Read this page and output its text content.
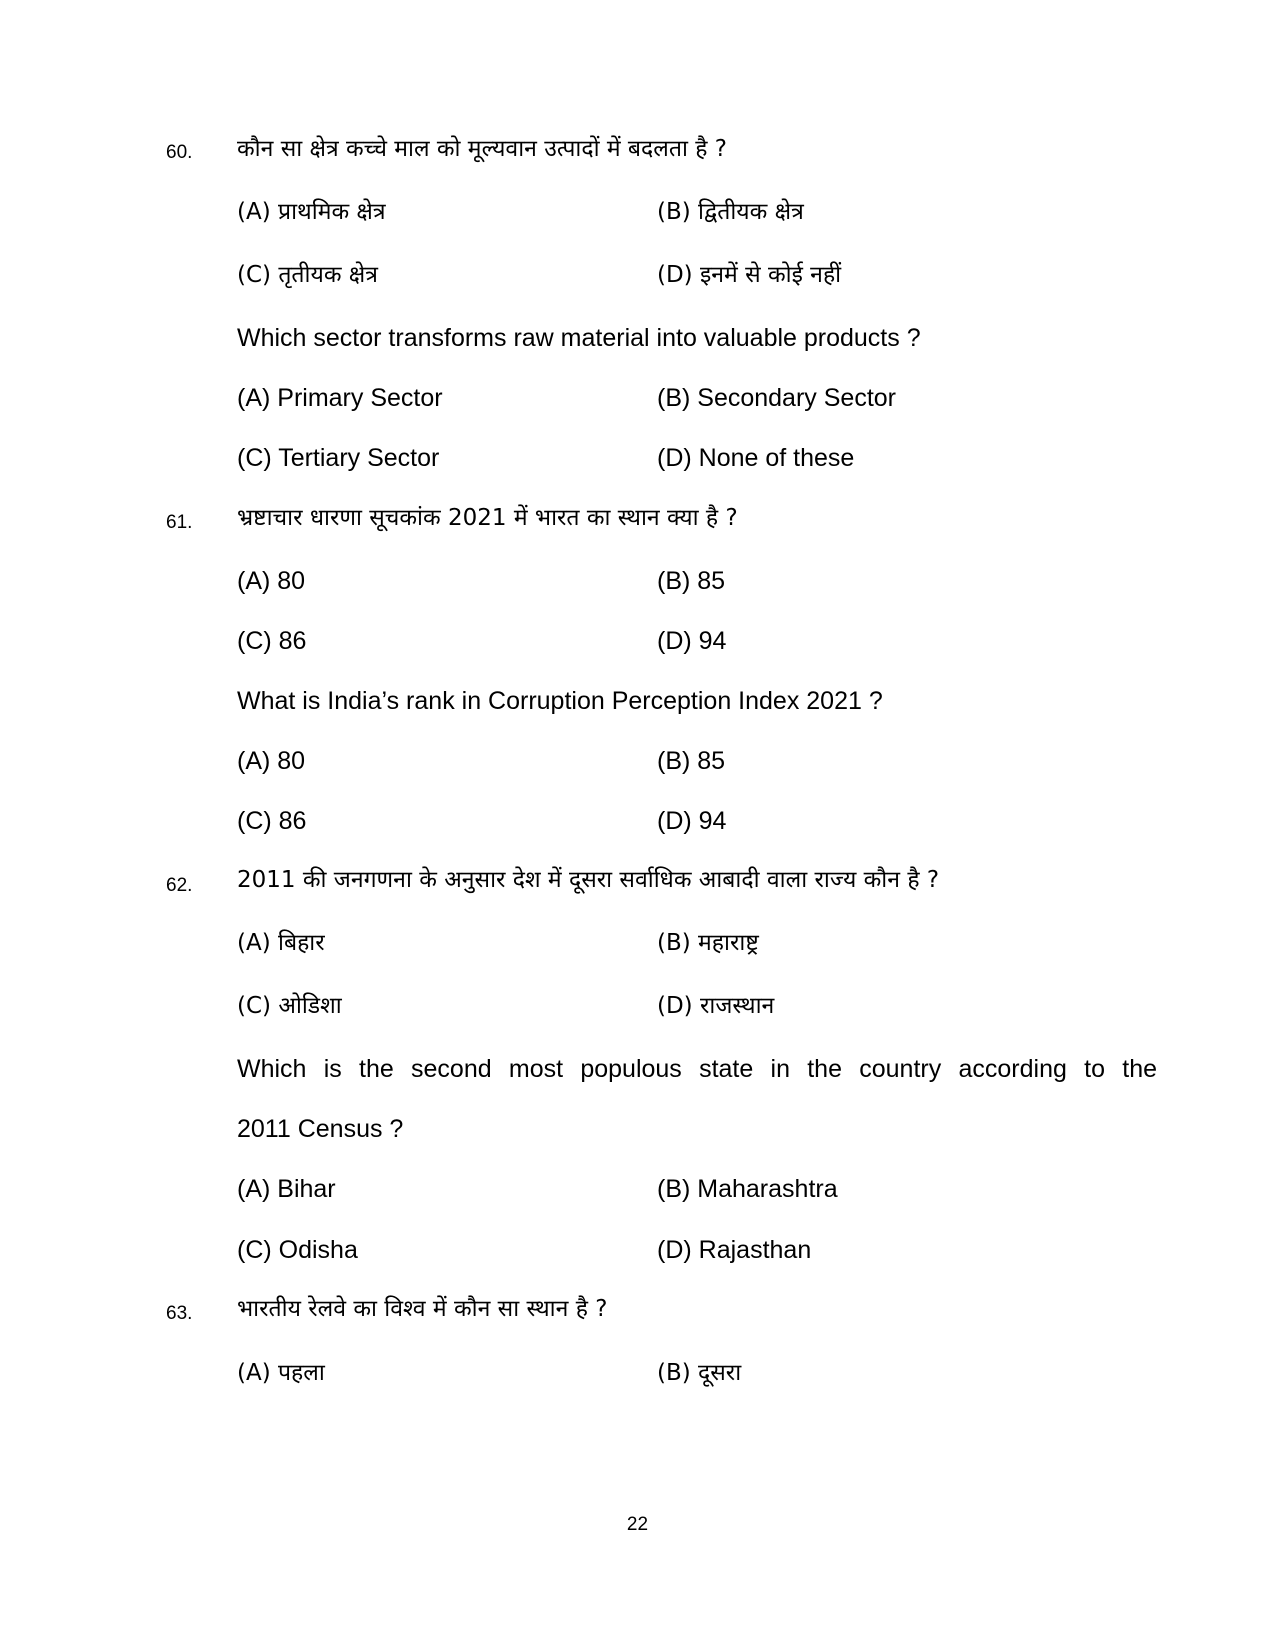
60. कौन सा क्षेत्र कच्चे माल को मूल्यवान उत्पादों में बदलता है ?
(A) प्राथमिक क्षेत्र	(B) द्वितीयक क्षेत्र
(C) तृतीयक क्षेत्र	(D) इनमें से कोई नहीं
Which sector transforms raw material into valuable products ?
(A) Primary Sector	(B) Secondary Sector
(C) Tertiary Sector	(D) None of these
61. भ्रष्टाचार धारणा सूचकांक 2021 में भारत का स्थान क्या है ?
(A) 80	(B) 85
(C) 86	(D) 94
What is India’s rank in Corruption Perception Index 2021 ?
(A) 80	(B) 85
(C) 86	(D) 94
62. 2011 की जनगणना के अनुसार देश में दूसरा सर्वाधिक आबादी वाला राज्य कौन है ?
(A) बिहार	(B) महाराष्ट्र
(C) ओडिशा	(D) राजस्थान
Which is the second most populous state in the country according to the
2011 Census ?
(A) Bihar	(B) Maharashtra
(C) Odisha	(D) Rajasthan
63. भारतीय रेलवे का विश्व में कौन सा स्थान है ?
(A) पहला	(B) दूसरा
22
